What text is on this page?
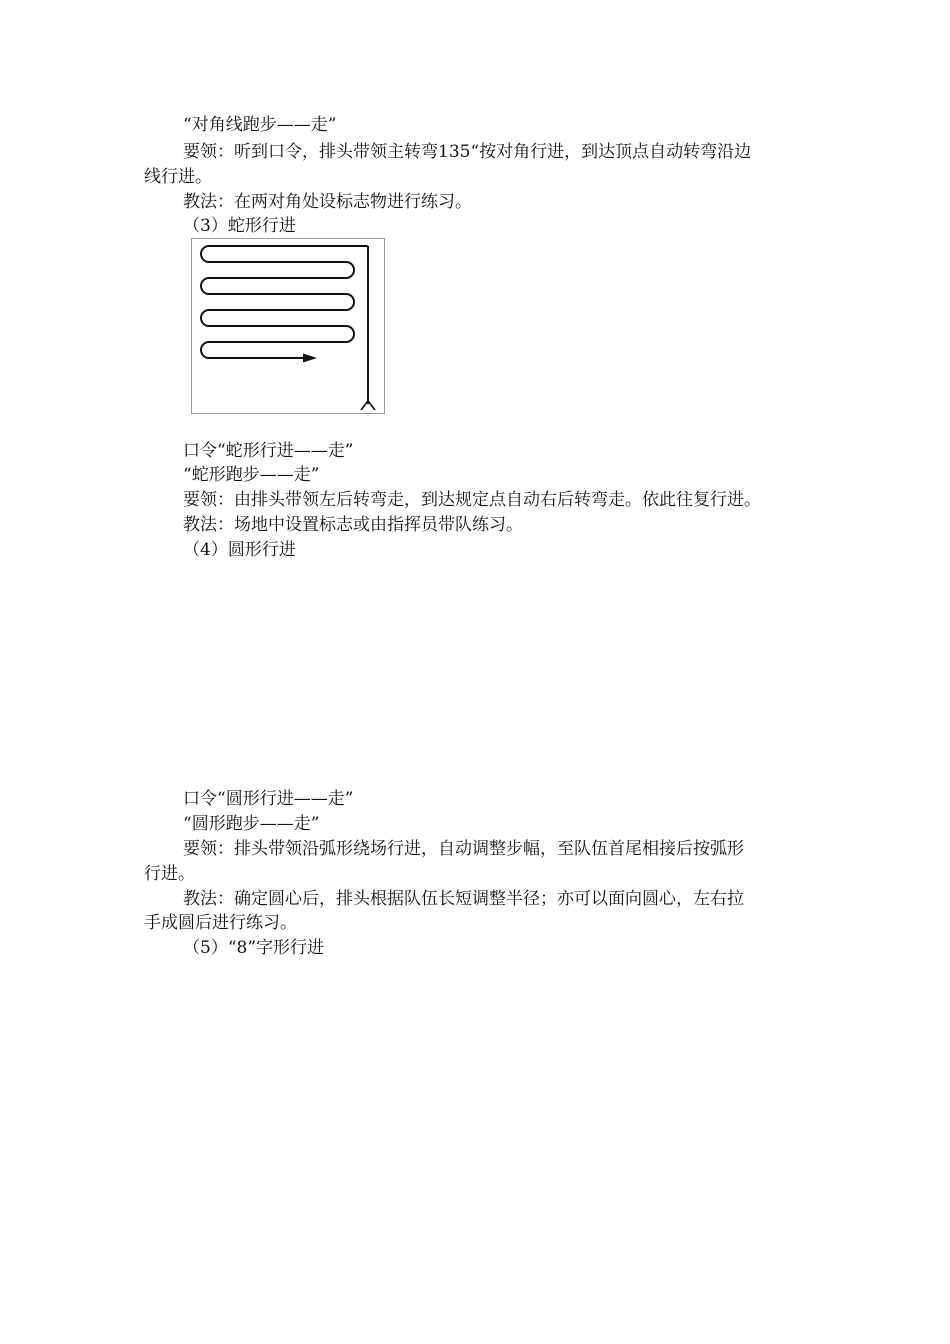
“对角线跑步——走”
要领：听到口令，排头带领主转弯135“按对角行进，到达顶点自动转弯沿边
线行进。
教法：在两对角处设标志物进行练习。
（3）蛇形行进
口令“蛇形行进——走”
“蛇形跑步——走”
要领：由排头带领左后转弯走，到达规定点自动右后转弯走。依此往复行进。
教法：场地中设置标志或由指挥员带队练习。
（4）圆形行进
口令“圆形行进——走”
“圆形跑步——走”
要领：排头带领沿弧形绕场行进，自动调整步幅，至队伍首尾相接后按弧形
行进。
教法：确定圆心后，排头根据队伍长短调整半径；亦可以面向圆心，左右拉
手成圆后进行练习。
（5）“8”字形行进
